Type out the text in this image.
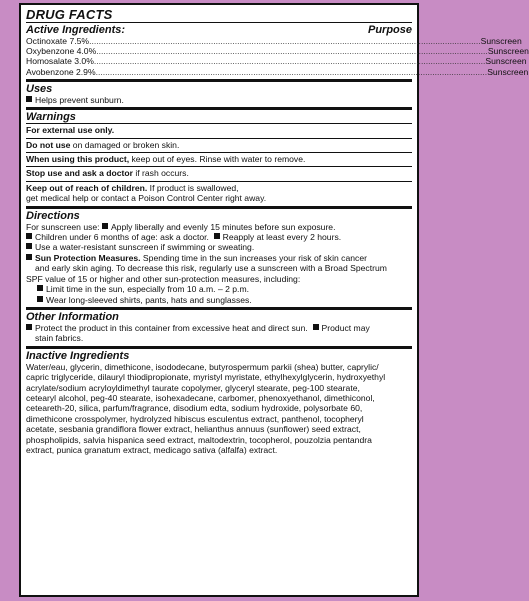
DRUG FACTS
Active Ingredients:	Purpose
Octinoxate 7.5% .................................................................................................................................................................... Sunscreen
Oxybenzone 4.0% .................................................................................................................................................................... Sunscreen
Homosalate 3.0% .................................................................................................................................................................... Sunscreen
Avobenzone 2.9% .................................................................................................................................................................... Sunscreen
Uses
Helps prevent sunburn.
Warnings
For external use only.
Do not use on damaged or broken skin.
When using this product, keep out of eyes. Rinse with water to remove.
Stop use and ask a doctor if rash occurs.
Keep out of reach of children. If product is swallowed,
get medical help or contact a Poison Control Center right away.
Directions
For sunscreen use: Apply liberally and evenly 15 minutes before sun exposure.
Children under 6 months of age: ask a doctor. Reapply at least every 2 hours.
Use a water-resistant sunscreen if swimming or sweating.
Sun Protection Measures. Spending time in the sun increases your risk of skin cancer
and early skin aging. To decrease this risk, regularly use a sunscreen with a Broad Spectrum
SPF value of 15 or higher and other sun-protection measures, including:
Limit time in the sun, especially from 10 a.m. – 2 p.m.
Wear long-sleeved shirts, pants, hats and sunglasses.
Other Information
Protect the product in this container from excessive heat and direct sun. Product may
stain fabrics.
Inactive Ingredients
Water/eau, glycerin, dimethicone, isododecane, butyrospermum parkii (shea) butter, caprylic/
capric triglyceride, dilauryl thiodipropionate, myristyl myristate, ethylhexylglycerin, hydroxyethyl
acrylate/sodium acryloyldimethyl taurate copolymer, glyceryl stearate, peg-100 stearate,
cetearyl alcohol, peg-40 stearate, isohexadecane, carbomer, phenoxyethanol, dimethiconol,
ceteareth-20, silica, parfum/fragrance, disodium edta, sodium hydroxide, polysorbate 60,
dimethicone crosspolymer, hydrolyzed hibiscus esculentus extract, panthenol, tocopheryl
acetate, sesbania grandiflora flower extract, helianthus annuus (sunflower) seed extract,
phospholipids, salvia hispanica seed extract, maltodextrin, tocopherol, pouzolzia pentandra
extract, punica granatum extract, medicago sativa (alfalfa) extract.
